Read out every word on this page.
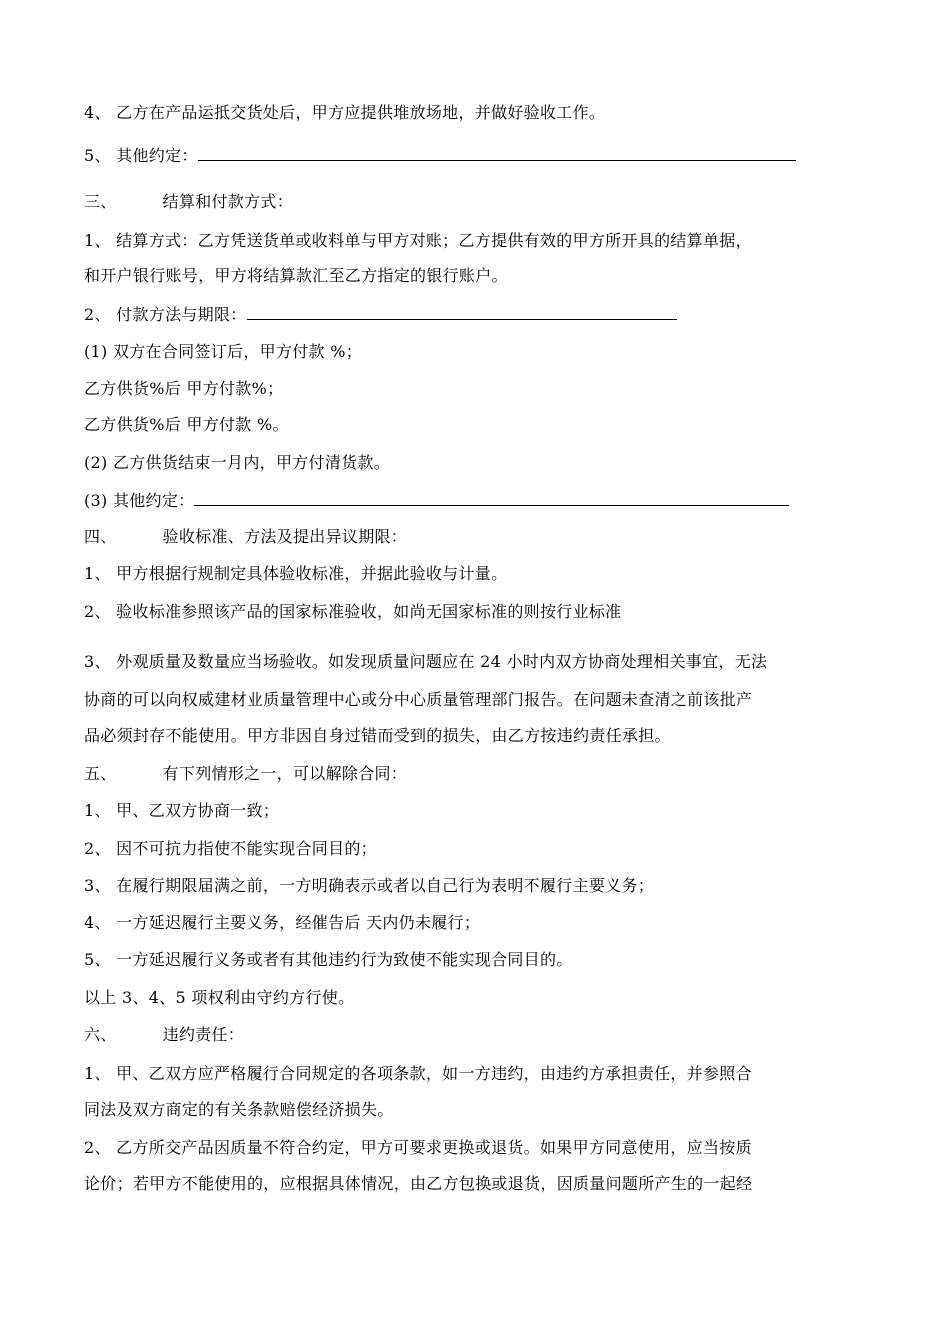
4、 乙方在产品运抵交货处后，甲方应提供堆放场地，并做好验收工作。
5、 其他约定：
三、	结算和付款方式：
1、 结算方式：乙方凭送货单或收料单与甲方对账；乙方提供有效的甲方所开具的结算单据，
和开户银行账号，甲方将结算款汇至乙方指定的银行账户。
2、 付款方法与期限：
(1) 双方在合同签订后，甲方付款 %；
乙方供货%后 甲方付款%；
乙方供货%后 甲方付款 %。
(2) 乙方供货结束一月内，甲方付清货款。
(3) 其他约定：
四、	验收标准、方法及提出异议期限：
1、 甲方根据行规制定具体验收标准，并据此验收与计量。
2、 验收标准参照该产品的国家标准验收，如尚无国家标准的则按行业标准
3、 外观质量及数量应当场验收。如发现质量问题应在 24 小时内双方协商处理相关事宜，无法
协商的可以向权威建材业质量管理中心或分中心质量管理部门报告。在问题未查清之前该批产
品必须封存不能使用。甲方非因自身过错而受到的损失，由乙方按违约责任承担。
五、	有下列情形之一，可以解除合同：
1、 甲、乙双方协商一致；
2、 因不可抗力指使不能实现合同目的；
3、 在履行期限届满之前，一方明确表示或者以自己行为表明不履行主要义务；
4、 一方延迟履行主要义务，经催告后 天内仍未履行；
5、 一方延迟履行义务或者有其他违约行为致使不能实现合同目的。
以上 3、4、5 项权利由守约方行使。
六、	违约责任：
1、 甲、乙双方应严格履行合同规定的各项条款，如一方违约，由违约方承担责任，并参照合
同法及双方商定的有关条款赔偿经济损失。
2、 乙方所交产品因质量不符合约定，甲方可要求更换或退货。如果甲方同意使用，应当按质
论价；若甲方不能使用的，应根据具体情况，由乙方包换或退货，因质量问题所产生的一起经
